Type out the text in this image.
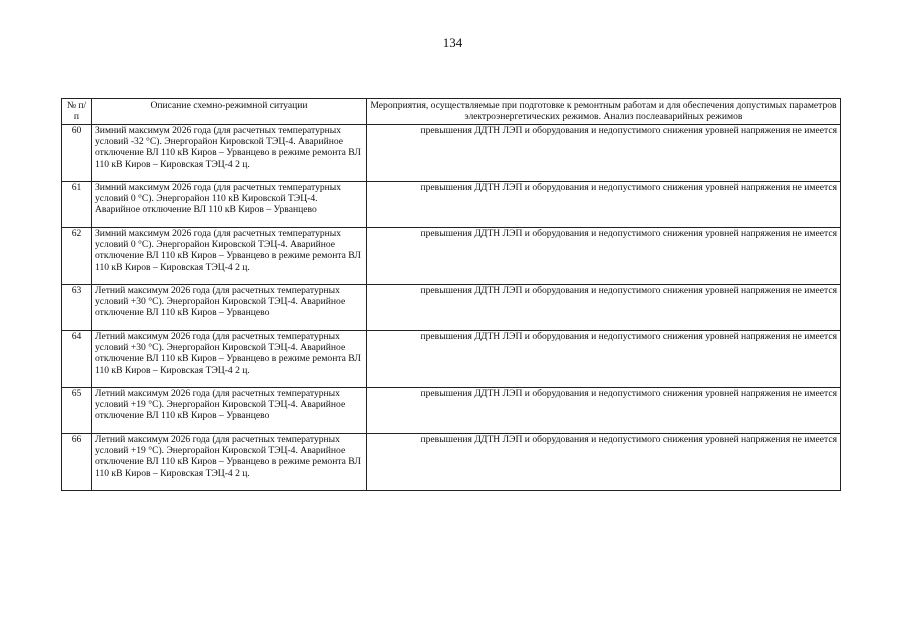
134
№ п/п	Описание схемно-режимной ситуации	Мероприятия, осуществляемые при подготовке к ремонтным работам и для обеспечения допустимых параметров электроэнергетических режимов. Анализ послеаварийных режимов
60	Зимний максимум 2026 года (для расчетных температурных условий -32 °С). Энергорайон Кировской ТЭЦ-4. Аварийное отключение ВЛ 110 кВ Киров – Урванцево в режиме ремонта ВЛ 110 кВ Киров – Кировская ТЭЦ-4 2 ц.	превышения ДДТН ЛЭП и оборудования и недопустимого снижения уровней напряжения не имеется
61	Зимний максимум 2026 года (для расчетных температурных условий 0 °С). Энергорайон 110 кВ Кировской ТЭЦ-4. Аварийное отключение ВЛ 110 кВ Киров – Урванцево	превышения ДДТН ЛЭП и оборудования и недопустимого снижения уровней напряжения не имеется
62	Зимний максимум 2026 года (для расчетных температурных условий 0 °С). Энергорайон Кировской ТЭЦ-4. Аварийное отключение ВЛ 110 кВ Киров – Урванцево в режиме ремонта ВЛ 110 кВ Киров – Кировская ТЭЦ-4 2 ц.	превышения ДДТН ЛЭП и оборудования и недопустимого снижения уровней напряжения не имеется
63	Летний максимум 2026 года (для расчетных температурных условий +30 °С). Энергорайон Кировской ТЭЦ-4. Аварийное отключение ВЛ 110 кВ Киров – Урванцево	превышения ДДТН ЛЭП и оборудования и недопустимого снижения уровней напряжения не имеется
64	Летний максимум 2026 года (для расчетных температурных условий +30 °С). Энергорайон Кировской ТЭЦ-4. Аварийное отключение ВЛ 110 кВ Киров – Урванцево в режиме ремонта ВЛ 110 кВ Киров – Кировская ТЭЦ-4 2 ц.	превышения ДДТН ЛЭП и оборудования и недопустимого снижения уровней напряжения не имеется
65	Летний максимум 2026 года (для расчетных температурных условий +19 °С). Энергорайон Кировской ТЭЦ-4. Аварийное отключение ВЛ 110 кВ Киров – Урванцево	превышения ДДТН ЛЭП и оборудования и недопустимого снижения уровней напряжения не имеется
66	Летний максимум 2026 года (для расчетных температурных условий +19 °С). Энергорайон Кировской ТЭЦ-4. Аварийное отключение ВЛ 110 кВ Киров – Урванцево в режиме ремонта ВЛ 110 кВ Киров – Кировская ТЭЦ-4 2 ц.	превышения ДДТН ЛЭП и оборудования и недопустимого снижения уровней напряжения не имеется
